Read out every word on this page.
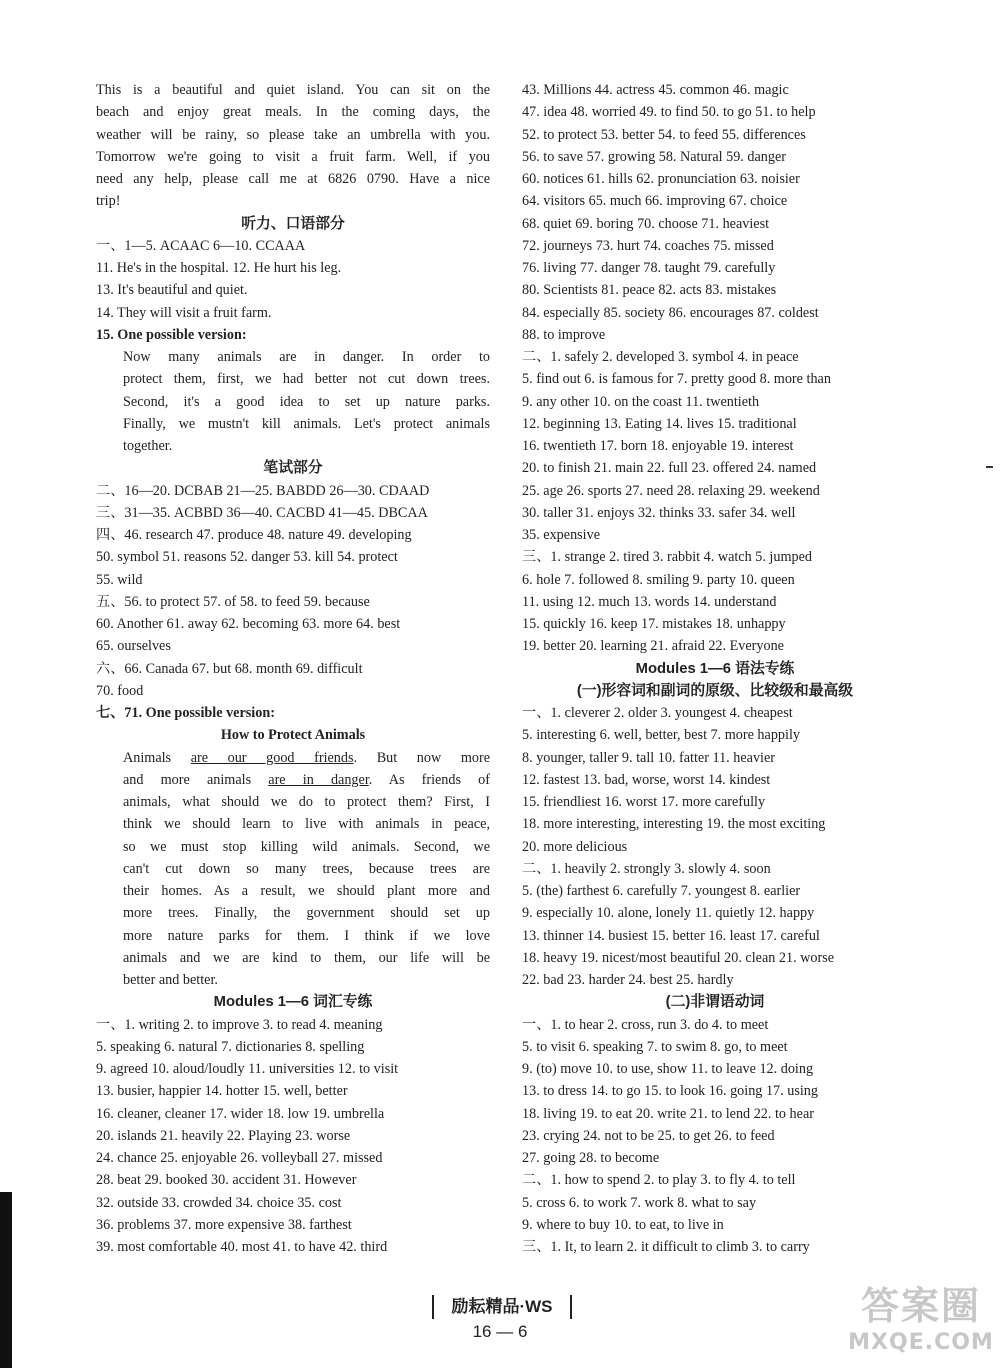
This is a beautiful and quiet island. You can sit on the
beach and enjoy great meals. In the coming days, the
weather will be rainy, so please take an umbrella with you.
Tomorrow we're going to visit a fruit farm. Well, if you
need any help, please call me at 6826 0790. Have a nice
trip!
听力、口语部分
一、1—5. ACAAC 6—10. CCAAA
11. He's in the hospital. 12. He hurt his leg.
13. It's beautiful and quiet.
14. They will visit a fruit farm.
15. One possible version:
Now many animals are in danger. In order to
protect them, first, we had better not cut down trees.
Second, it's a good idea to set up nature parks.
Finally, we mustn't kill animals. Let's protect animals
together.
笔试部分
二、16—20. DCBAB 21—25. BABDD 26—30. CDAAD
三、31—35. ACBBD 36—40. CACBD 41—45. DBCAA
四、46. research 47. produce 48. nature 49. developing
50. symbol 51. reasons 52. danger 53. kill 54. protect
55. wild
五、56. to protect 57. of 58. to feed 59. because
60. Another 61. away 62. becoming 63. more 64. best
65. ourselves
六、66. Canada 67. but 68. month 69. difficult
70. food
七、71. One possible version:
How to Protect Animals
Animals are our good friends. But now more
and more animals are in danger. As friends of
animals, what should we do to protect them? First, I
think we should learn to live with animals in peace,
so we must stop killing wild animals. Second, we
can't cut down so many trees, because trees are
their homes. As a result, we should plant more and
more trees. Finally, the government should set up
more nature parks for them. I think if we love
animals and we are kind to them, our life will be
better and better.
Modules 1—6 词汇专练
一、1. writing 2. to improve 3. to read 4. meaning
5. speaking 6. natural 7. dictionaries 8. spelling
9. agreed 10. aloud/loudly 11. universities 12. to visit
13. busier, happier 14. hotter 15. well, better
16. cleaner, cleaner 17. wider 18. low 19. umbrella
20. islands 21. heavily 22. Playing 23. worse
24. chance 25. enjoyable 26. volleyball 27. missed
28. beat 29. booked 30. accident 31. However
32. outside 33. crowded 34. choice 35. cost
36. problems 37. more expensive 38. farthest
39. most comfortable 40. most 41. to have 42. third
43. Millions 44. actress 45. common 46. magic
47. idea 48. worried 49. to find 50. to go 51. to help
52. to protect 53. better 54. to feed 55. differences
56. to save 57. growing 58. Natural 59. danger
60. notices 61. hills 62. pronunciation 63. noisier
64. visitors 65. much 66. improving 67. choice
68. quiet 69. boring 70. choose 71. heaviest
72. journeys 73. hurt 74. coaches 75. missed
76. living 77. danger 78. taught 79. carefully
80. Scientists 81. peace 82. acts 83. mistakes
84. especially 85. society 86. encourages 87. coldest
88. to improve
二、1. safely 2. developed 3. symbol 4. in peace
5. find out 6. is famous for 7. pretty good 8. more than
9. any other 10. on the coast 11. twentieth
12. beginning 13. Eating 14. lives 15. traditional
16. twentieth 17. born 18. enjoyable 19. interest
20. to finish 21. main 22. full 23. offered 24. named
25. age 26. sports 27. need 28. relaxing 29. weekend
30. taller 31. enjoys 32. thinks 33. safer 34. well
35. expensive
三、1. strange 2. tired 3. rabbit 4. watch 5. jumped
6. hole 7. followed 8. smiling 9. party 10. queen
11. using 12. much 13. words 14. understand
15. quickly 16. keep 17. mistakes 18. unhappy
19. better 20. learning 21. afraid 22. Everyone
Modules 1—6 语法专练
(一)形容词和副词的原级、比较级和最高级
一、1. cleverer 2. older 3. youngest 4. cheapest
5. interesting 6. well, better, best 7. more happily
8. younger, taller 9. tall 10. fatter 11. heavier
12. fastest 13. bad, worse, worst 14. kindest
15. friendliest 16. worst 17. more carefully
18. more interesting, interesting 19. the most exciting
20. more delicious
二、1. heavily 2. strongly 3. slowly 4. soon
5. (the) farthest 6. carefully 7. youngest 8. earlier
9. especially 10. alone, lonely 11. quietly 12. happy
13. thinner 14. busiest 15. better 16. least 17. careful
18. heavy 19. nicest/most beautiful 20. clean 21. worse
22. bad 23. harder 24. best 25. hardly
(二)非谓语动词
一、1. to hear 2. cross, run 3. do 4. to meet
5. to visit 6. speaking 7. to swim 8. go, to meet
9. (to) move 10. to use, show 11. to leave 12. doing
13. to dress 14. to go 15. to look 16. going 17. using
18. living 19. to eat 20. write 21. to lend 22. to hear
23. crying 24. not to be 25. to get 26. to feed
27. going 28. to become
二、1. how to spend 2. to play 3. to fly 4. to tell
5. cross 6. to work 7. work 8. what to say
9. where to buy 10. to eat, to live in
三、1. It, to learn 2. it difficult to climb 3. to carry
励耘精品·WS
16 — 6
答案圈
MXQE.COM
